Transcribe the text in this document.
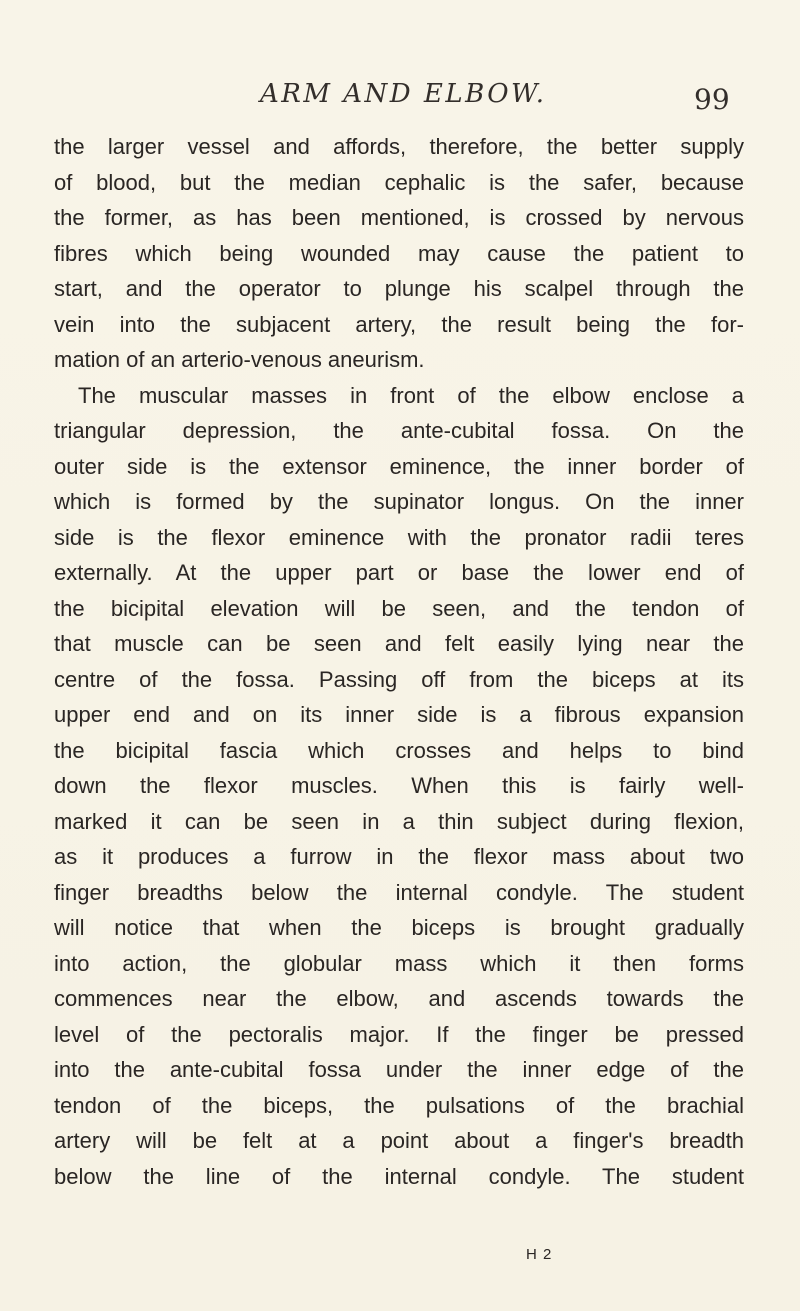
ARM AND ELBOW.	99
the larger vessel and affords, therefore, the better supply
of blood, but the median cephalic is the safer, because
the former, as has been mentioned, is crossed by nervous
fibres which being wounded may cause the patient to
start, and the operator to plunge his scalpel through the
vein into the subjacent artery, the result being the for-
mation of an arterio-venous aneurism.
The muscular masses in front of the elbow enclose a
triangular depression, the ante-cubital fossa. On the
outer side is the extensor eminence, the inner border of
which is formed by the supinator longus. On the inner
side is the flexor eminence with the pronator radii teres
externally. At the upper part or base the lower end of
the bicipital elevation will be seen, and the tendon of
that muscle can be seen and felt easily lying near the
centre of the fossa. Passing off from the biceps at its
upper end and on its inner side is a fibrous expansion
the bicipital fascia which crosses and helps to bind
down the flexor muscles. When this is fairly well-
marked it can be seen in a thin subject during flexion,
as it produces a furrow in the flexor mass about two
finger breadths below the internal condyle. The student
will notice that when the biceps is brought gradually
into action, the globular mass which it then forms
commences near the elbow, and ascends towards the
level of the pectoralis major. If the finger be pressed
into the ante-cubital fossa under the inner edge of the
tendon of the biceps, the pulsations of the brachial
artery will be felt at a point about a finger's breadth
below the line of the internal condyle. The student
H 2
